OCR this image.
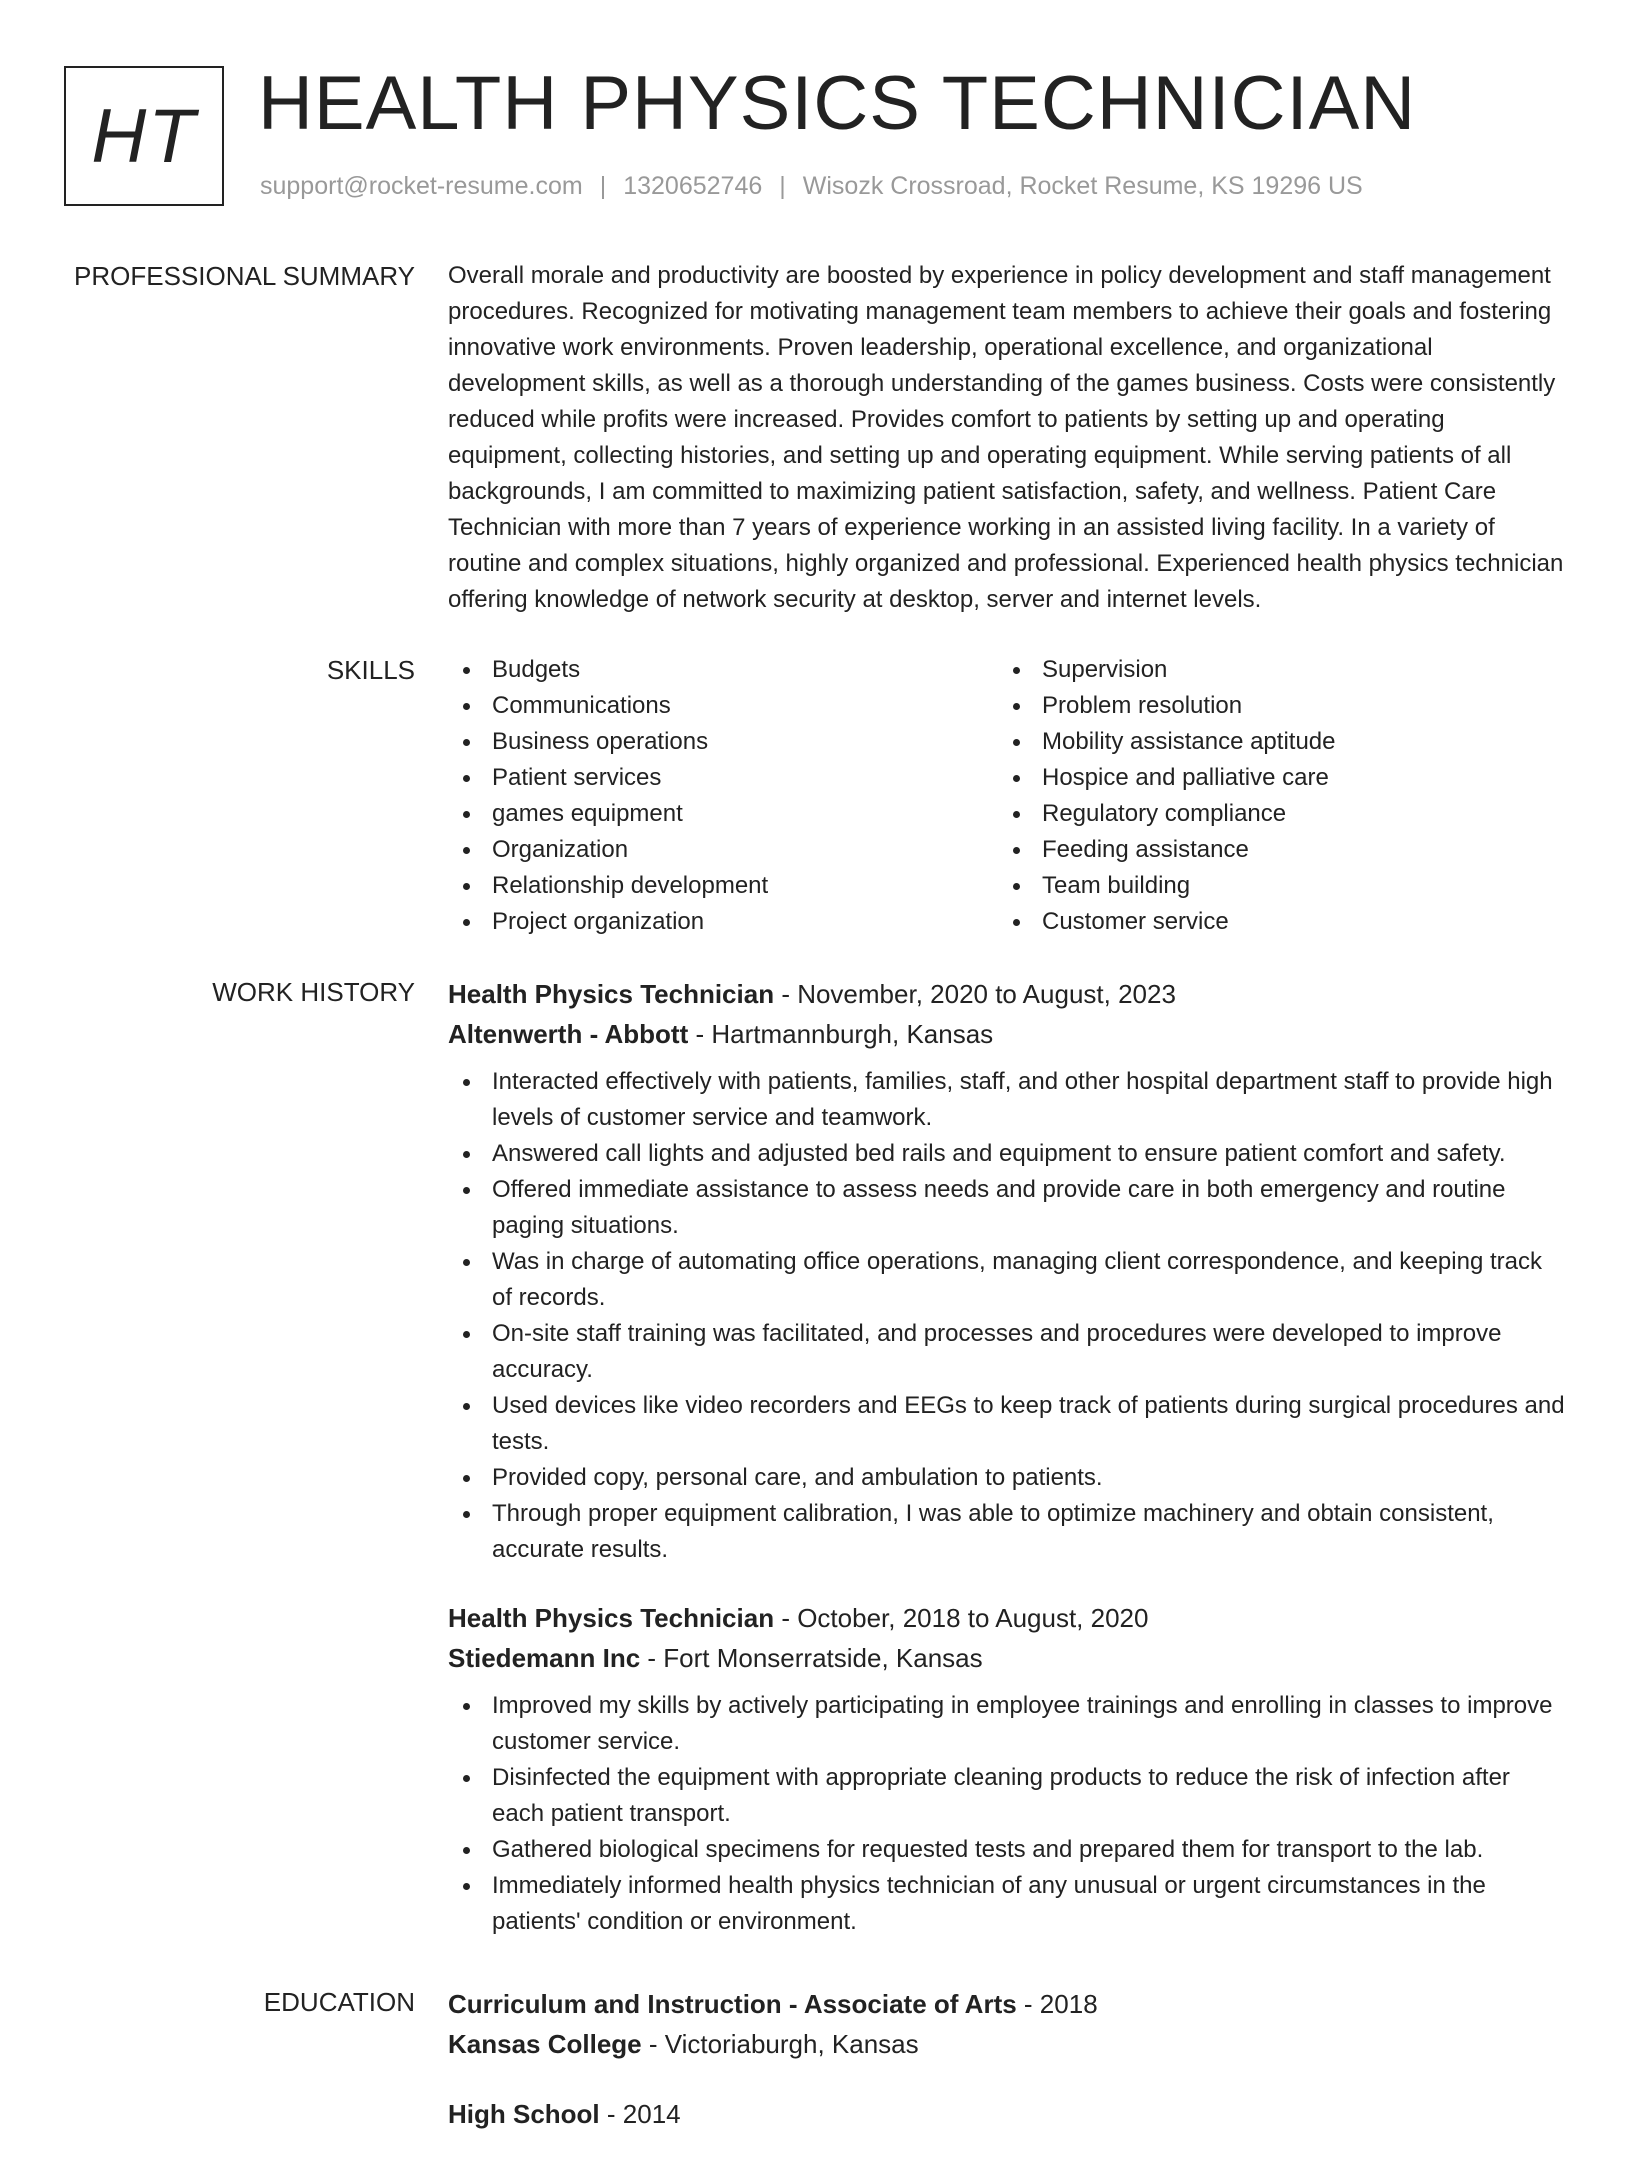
HT HEALTH PHYSICS TECHNICIAN
support@rocket-resume.com | 1320652746 | Wisozk Crossroad, Rocket Resume, KS 19296 US
PROFESSIONAL SUMMARY Overall morale and productivity are boosted by experience in policy development and staff management procedures. Recognized for motivating management team members to achieve their goals and fostering innovative work environments. Proven leadership, operational excellence, and organizational development skills, as well as a thorough understanding of the games business. Costs were consistently reduced while profits were increased. Provides comfort to patients by setting up and operating equipment, collecting histories, and setting up and operating equipment. While serving patients of all backgrounds, I am committed to maximizing patient satisfaction, safety, and wellness. Patient Care Technician with more than 7 years of experience working in an assisted living facility. In a variety of routine and complex situations, highly organized and professional. Experienced health physics technician offering knowledge of network security at desktop, server and internet levels.

SKILLS	Budgets
Communications
Business operations
Patient services
games equipment
Organization
Relationship development
Project organization
Supervision
Problem resolution
Mobility assistance aptitude
Hospice and palliative care
Regulatory compliance
Feeding assistance
Team building
Customer service
WORK HISTORY Health Physics Technician - November, 2020 to August, 2023
Altenwerth - Abbott - Hartmannburgh, Kansas
Interacted effectively with patients, families, staff, and other hospital department staff to provide high levels of customer service and teamwork.
Answered call lights and adjusted bed rails and equipment to ensure patient comfort and safety.
Offered immediate assistance to assess needs and provide care in both emergency and routine paging situations.
Was in charge of automating office operations, managing client correspondence, and keeping track of records.
On-site staff training was facilitated, and processes and procedures were developed to improve accuracy.
Used devices like video recorders and EEGs to keep track of patients during surgical procedures and tests.
Provided copy, personal care, and ambulation to patients.
Through proper equipment calibration, I was able to optimize machinery and obtain consistent, accurate results.
Health Physics Technician - October, 2018 to August, 2020
Stiedemann Inc - Fort Monserratside, Kansas
Improved my skills by actively participating in employee trainings and enrolling in classes to improve customer service.
Disinfected the equipment with appropriate cleaning products to reduce the risk of infection after each patient transport.
Gathered biological specimens for requested tests and prepared them for transport to the lab.
Immediately informed health physics technician of any unusual or urgent circumstances in the patients' condition or environment.
EDUCATION Curriculum and Instruction - Associate of Arts - 2018
Kansas College - Victoriaburgh, Kansas
High School - 2014
